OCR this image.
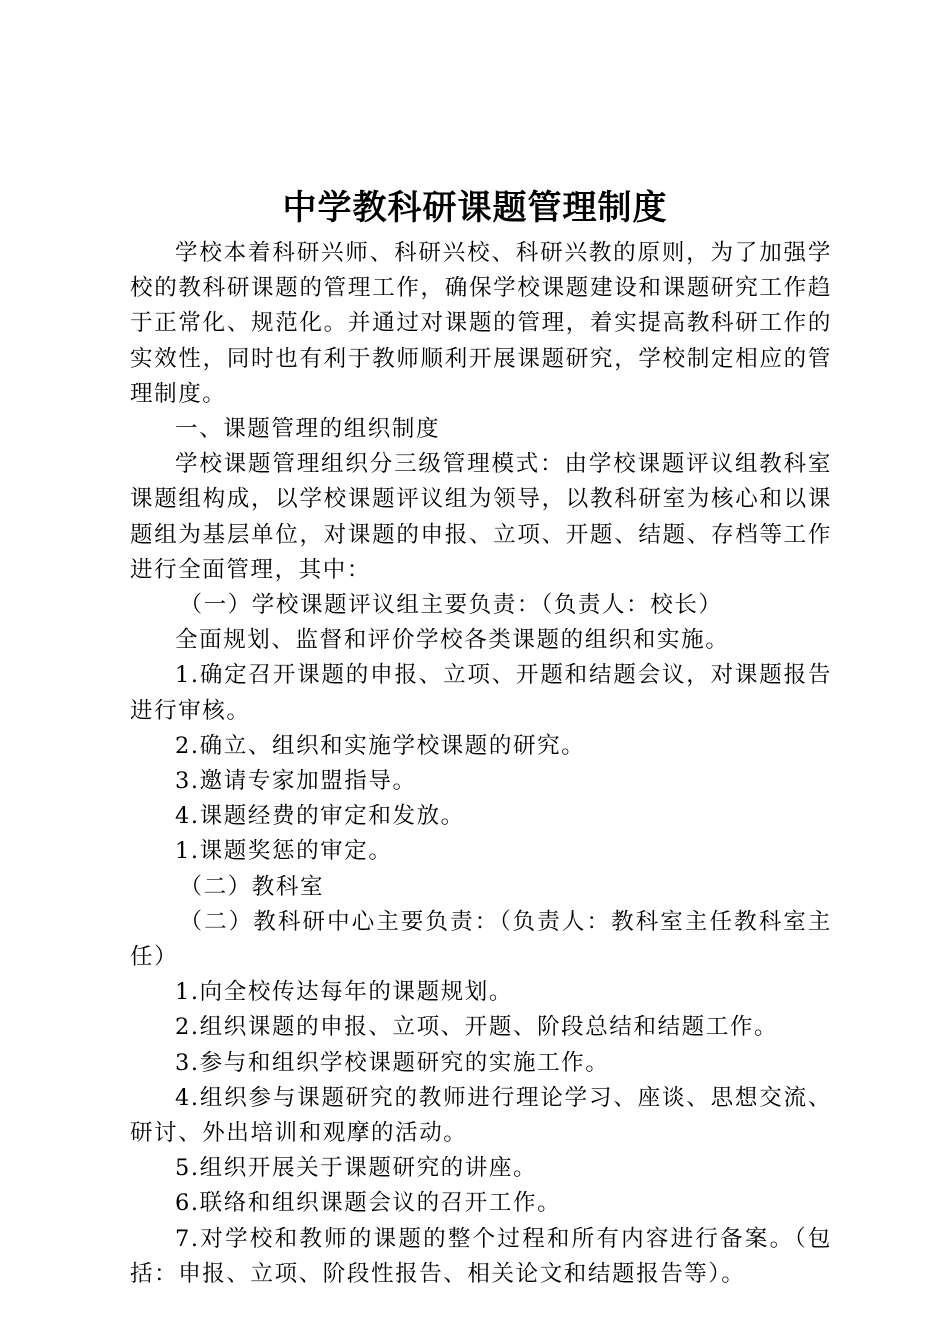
中学教科研课题管理制度

学校本着科研兴师、科研兴校、科研兴教的原则，为了加强学校的教科研课题的管理工作，确保学校课题建设和课题研究工作趋于正常化、规范化。并通过对课题的管理，着实提高教科研工作的实效性，同时也有利于教师顺利开展课题研究，学校制定相应的管理制度。

一、课题管理的组织制度

学校课题管理组织分三级管理模式：由学校课题评议组教科室课题组构成，以学校课题评议组为领导，以教科研室为核心和以课题组为基层单位，对课题的申报、立项、开题、结题、存档等工作进行全面管理，其中：

（一）学校课题评议组主要负责：（负责人：校长）

全面规划、监督和评价学校各类课题的组织和实施。

1.确定召开课题的申报、立项、开题和结题会议，对课题报告进行审核。

2.确立、组织和实施学校课题的研究。

3.邀请专家加盟指导。

4.课题经费的审定和发放。

1.课题奖惩的审定。

（二）教科室

（二）教科研中心主要负责：（负责人：教科室主任教科室主任）

1.向全校传达每年的课题规划。

2.组织课题的申报、立项、开题、阶段总结和结题工作。

3.参与和组织学校课题研究的实施工作。

4.组织参与课题研究的教师进行理论学习、座谈、思想交流、研讨、外出培训和观摩的活动。

5.组织开展关于课题研究的讲座。

6.联络和组织课题会议的召开工作。

7.对学校和教师的课题的整个过程和所有内容进行备案。（包括：申报、立项、阶段性报告、相关论文和结题报告等）。
